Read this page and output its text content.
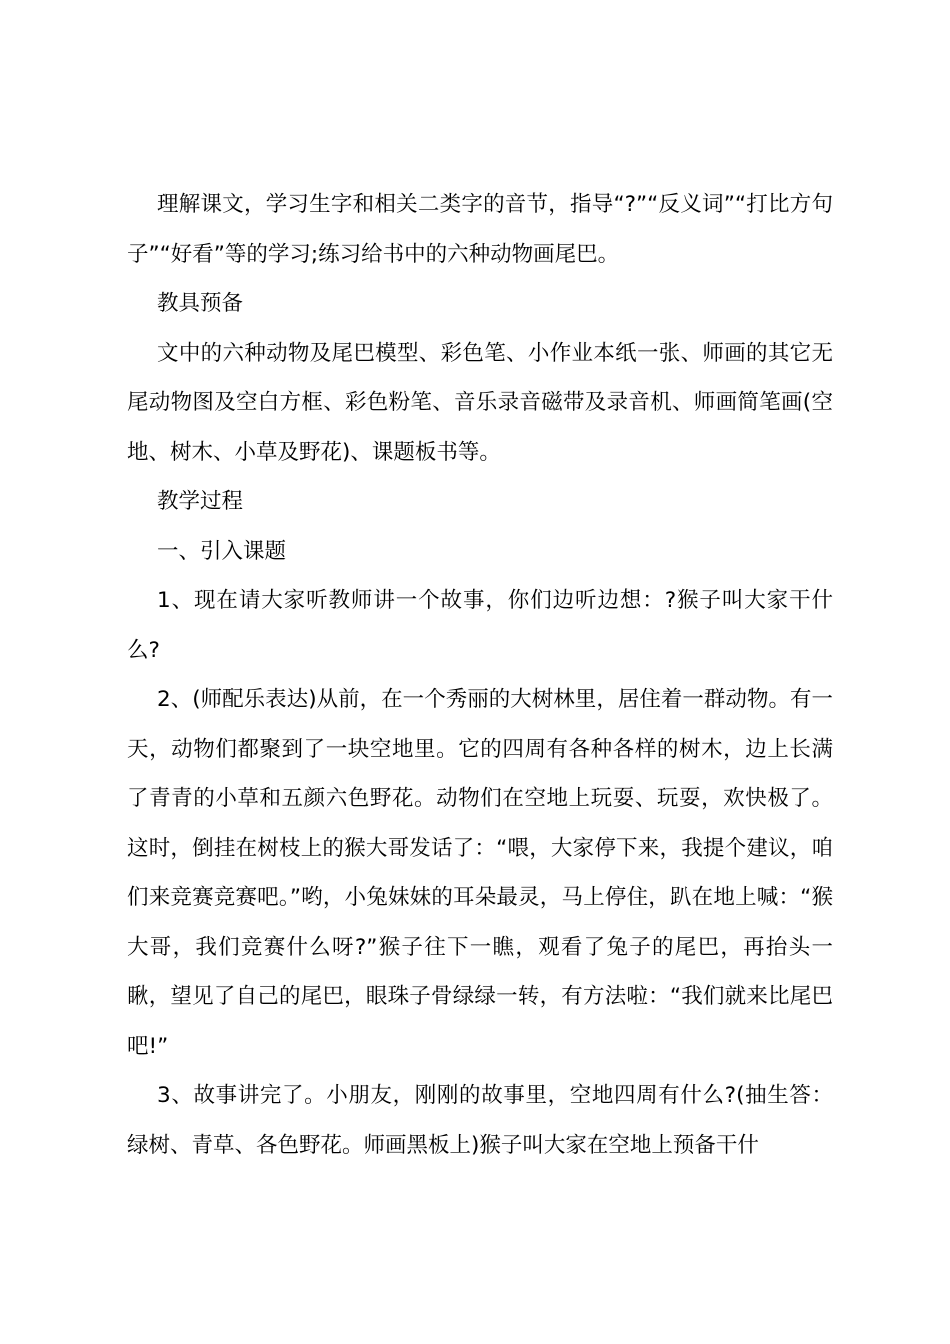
理解课文，学习生字和相关二类字的音节，指导“?”“反义词”“打比方句子”“好看”等的学习;练习给书中的六种动物画尾巴。

教具预备

文中的六种动物及尾巴模型、彩色笔、小作业本纸一张、师画的其它无尾动物图及空白方框、彩色粉笔、音乐录音磁带及录音机、师画简笔画(空地、树木、小草及野花)、课题板书等。

教学过程

一、引入课题

1、现在请大家听教师讲一个故事，你们边听边想：?猴子叫大家干什么?

2、(师配乐表达)从前，在一个秀丽的大树林里，居住着一群动物。有一天，动物们都聚到了一块空地里。它的四周有各种各样的树木，边上长满了青青的小草和五颜六色野花。动物们在空地上玩耍、玩耍，欢快极了。这时，倒挂在树枝上的猴大哥发话了：“喂，大家停下来，我提个建议，咱们来竞赛竞赛吧。”哟，小兔妹妹的耳朵最灵，马上停住，趴在地上喊：“猴大哥，我们竞赛什么呀?”猴子往下一瞧，观看了兔子的尾巴，再抬头一瞅，望见了自己的尾巴，眼珠子骨绿绿一转，有方法啦：“我们就来比尾巴吧!”

3、故事讲完了。小朋友，刚刚的故事里，空地四周有什么?(抽生答：绿树、青草、各色野花。师画黑板上)猴子叫大家在空地上预备干什
